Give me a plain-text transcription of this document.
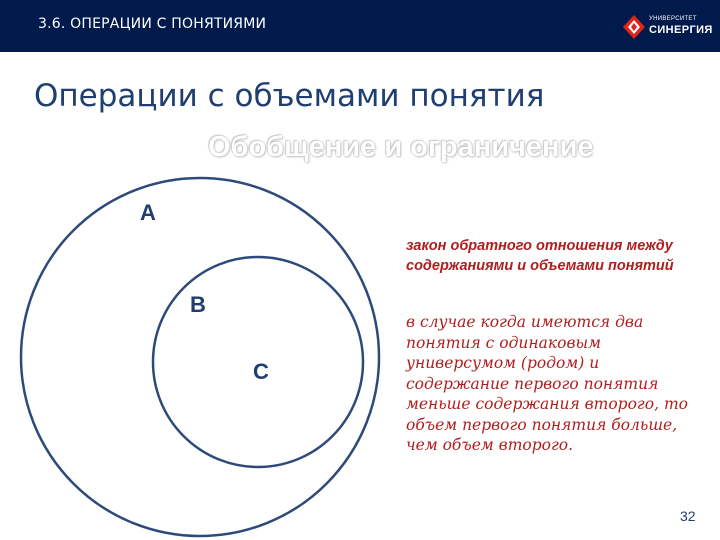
3.6. ОПЕРАЦИИ С ПОНЯТИЯМИ	УНИВЕРСИТЕТ
СИНЕРГИЯ
Операции с объемами понятия
Обобщение и ограничение
А
В
С
закон обратного отношения между содержаниями и объемами понятий
в случае когда имеются два понятия с одинаковым универсумом (родом) и содержание первого понятия меньше содержания второго, то объем первого понятия больше, чем объем второго.
32
